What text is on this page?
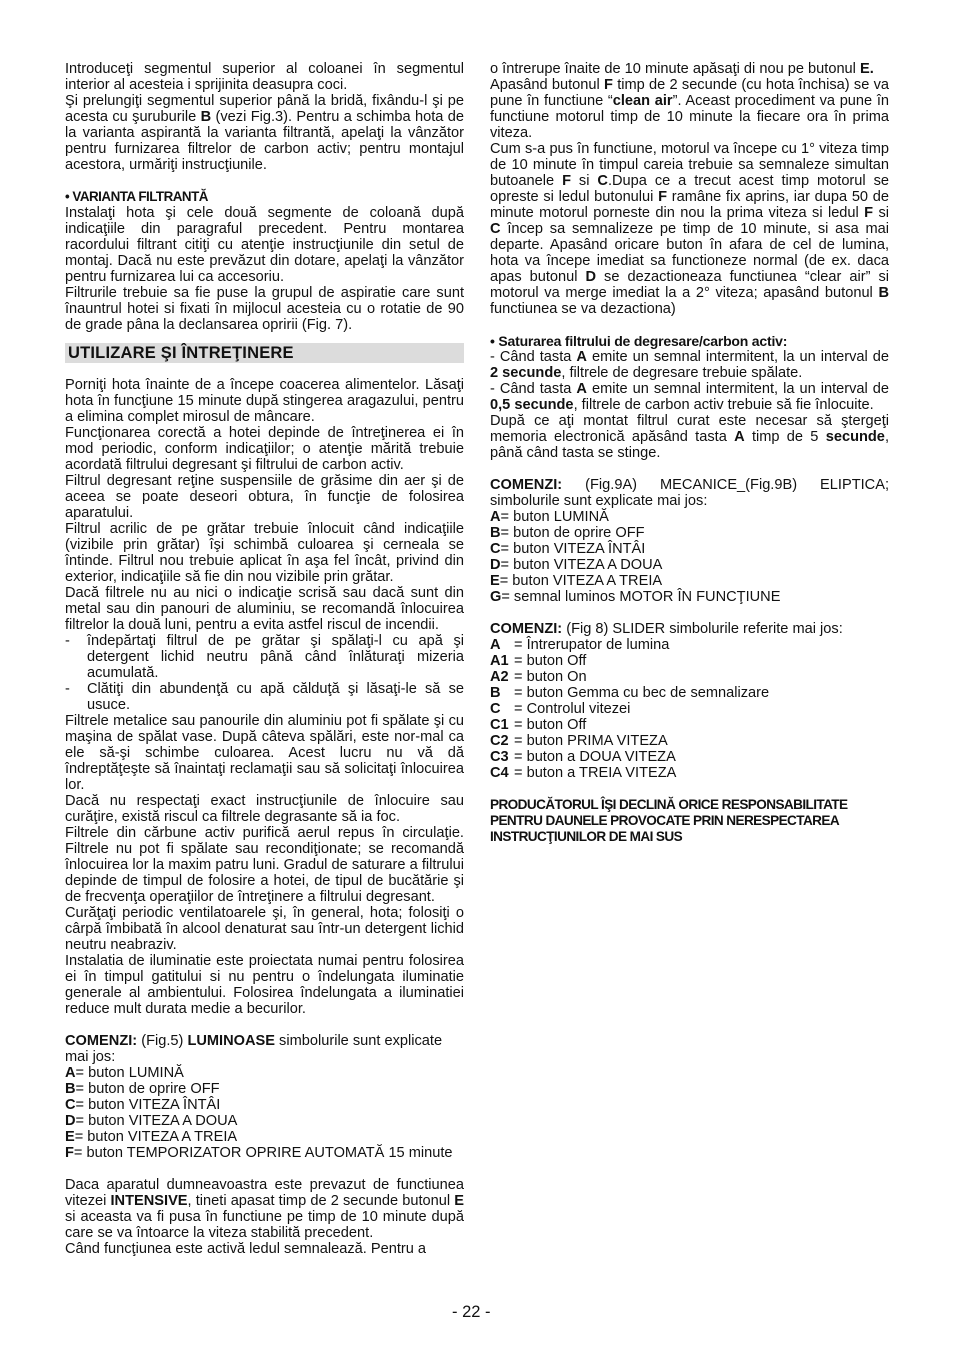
Introduceţi segmentul superior al coloanei în segmentul interior al acesteia i sprijinita deasupra coci.

Şi prelungiţi segmentul superior până la bridă, fixându-l şi pe acesta cu şuruburile B (vezi Fig.3). Pentru a schimba hota de la varianta aspirantă la varianta filtrantă, apelaţi la vânzător pentru furnizarea filtrelor de carbon activ; pentru montajul acestora, urmăriţi instrucţiunile.

• VARIANTA FILTRANTĂ

Instalaţi hota şi cele două segmente de coloană după indicaţiile din paragraful precedent. Pentru montarea racordului filtrant citiţi cu atenţie instrucţiunile din setul de montaj. Dacă nu este prevăzut din dotare, apelaţi la vânzător pentru furnizarea lui ca accesoriu.

Filtrurile trebuie sa fie puse la grupul de aspiratie care sunt înauntrul hotei si fixati în mijlocul acesteia cu o rotatie de 90 de grade pâna la declansarea opririi (Fig. 7).

UTILIZARE ŞI ÎNTREŢINERE

Porniţi hota înainte de a începe coacerea alimentelor. Lăsaţi hota în funcţiune 15 minute după stingerea aragazului, pentru a elimina complet mirosul de mâncare.

Funcţionarea corectă a hotei depinde de întreţinerea ei în mod periodic, conform indicaţiilor; o atenţie mărită trebuie acordată filtrului degresant şi filtrului de carbon activ.

Filtrul degresant reţine suspensiile de grăsime din aer şi de aceea se poate deseori obtura, în funcţie de folosirea aparatului.

Filtrul acrilic de pe grătar trebuie înlocuit când indicaţiile (vizibile prin grătar) îşi schimbă culoarea şi cerneala se întinde. Filtrul nou trebuie aplicat în aşa fel încât, privind din exterior, indicaţiile să fie din nou vizibile prin grătar.

Dacă filtrele nu au nici o indicaţie scrisă sau dacă sunt din metal sau din panouri de aluminiu, se recomandă înlocuirea filtrelor la două luni, pentru a evita astfel riscul de incendii.

-	îndepărtaţi filtrul de pe grătar şi spălaţi-l cu apă şi detergent lichid neutru până când înlăturaţi mizeria acumulată.
-	Clătiţi din abundenţă cu apă călduţă şi lăsaţi-le să se usuce.

Filtrele metalice sau panourile din aluminiu pot fi spălate şi cu maşina de spălat vase. După câteva spălări, este nor-mal ca ele să-şi schimbe culoarea. Acest lucru nu vă dă îndreptăţeşte să înaintaţi reclamaţii sau să solicitaţi înlocuirea lor.

Dacă nu respectaţi exact instrucţiunile de înlocuire sau curăţire, există riscul ca filtrele degrasante să ia foc.

Filtrele din cărbune activ purifică aerul repus în circulaţie. Filtrele nu pot fi spălate sau recondiţionate; se recomandă înlocuirea lor la maxim patru luni. Gradul de saturare a filtrului depinde de timpul de folosire a hotei, de tipul de bucătărie şi de frecvenţa operaţiilor de întreţinere a filtrului degresant.

Curăţaţi periodic ventilatoarele şi, în general, hota; folosiţi o cârpă îmbibată în alcool denaturat sau într-un detergent lichid neutru neabraziv.

Instalatia de iluminatie este proiectata numai pentru folosirea ei în timpul gatitului si nu pentru o îndelungata iluminatie generale al ambientului. Folosirea îndelungata a iluminatiei reduce mult durata medie a becurilor.

COMENZI: (Fig.5) LUMINOASE simbolurile sunt explicate mai jos:

A= buton LUMINĂ
B= buton de oprire OFF
C= buton VITEZA ÎNTÂI
D= buton VITEZA A DOUA
E= buton VITEZA A TREIA
F= buton TEMPORIZATOR OPRIRE AUTOMATĂ 15 minute

Daca aparatul dumneavoastra este prevazut de functiunea vitezei INTENSIVE, tineti apasat timp de 2 secunde butonul E si aceasta va fi pusa în functiune pe timp de 10 minute după care se va întoarce la viteza stabilită precedent.

Când funcţiunea este activă ledul semnalează. Pentru a

o întrerupe înaite de 10 minute apăsaţi di nou pe butonul E.

Apasând butonul F timp de 2 secunde (cu hota închisa) se va pune în functiune “clean air”. Aceast procediment va pune în functiune motorul timp de 10 minute la fiecare ora în prima viteza.

Cum s-a pus în functiune, motorul va începe cu 1° viteza timp de 10 minute în timpul careia trebuie sa semnaleze simultan butoanele F si C.Dupa ce a trecut acest timp motorul se opreste si ledul butonului F ramâne fix aprins, iar dupa 50 de minute motorul porneste din nou la prima viteza si ledul F si C încep sa semnalizeze pe timp de 10 minute, si asa mai departe. Apasând oricare buton în afara de cel de lumina, hota va începe imediat sa functioneze normal (de ex. daca apas butonul D se dezactioneaza functiunea “clear air” si motorul va merge imediat la a 2° viteza; apasând butonul B functiunea se va dezactiona)

• Saturarea filtrului de degresare/carbon activ:

- Când tasta A emite un semnal intermitent, la un interval de 2 secunde, filtrele de degresare trebuie spălate.

- Când tasta A emite un semnal intermitent, la un interval de 0,5 secunde, filtrele de carbon activ trebuie să fie înlocuite.

După ce aţi montat filtrul curat este necesar să ştergeţi memoria electronică apăsând tasta A timp de 5 secunde, până când tasta se stinge.

COMENZI: (Fig.9A) MECANICE_(Fig.9B) ELIPTICA; simbolurile sunt explicate mai jos:

A= buton LUMINĂ
B= buton de oprire OFF
C= buton VITEZA ÎNTÂI
D= buton VITEZA A DOUA
E= buton VITEZA A TREIA
G= semnal luminos MOTOR ÎN FUNCŢIUNE

COMENZI: (Fig 8) SLIDER simbolurile referite mai jos:

A = Întrerupator de lumina
A1 = buton Off
A2 = buton On
B = buton Gemma cu bec de semnalizare
C = Controlul vitezei
C1 = buton Off
C2 = buton PRIMA VITEZA
C3 = buton a DOUA VITEZA
C4 = buton a TREIA VITEZA

PRODUCĂTORUL ÎŞI DECLINĂ ORICE RESPONSABILITATE PENTRU DAUNELE PROVOCATE PRIN NERESPECTAREA INSTRUCŢIUNILOR DE MAI SUS

- 22 -
